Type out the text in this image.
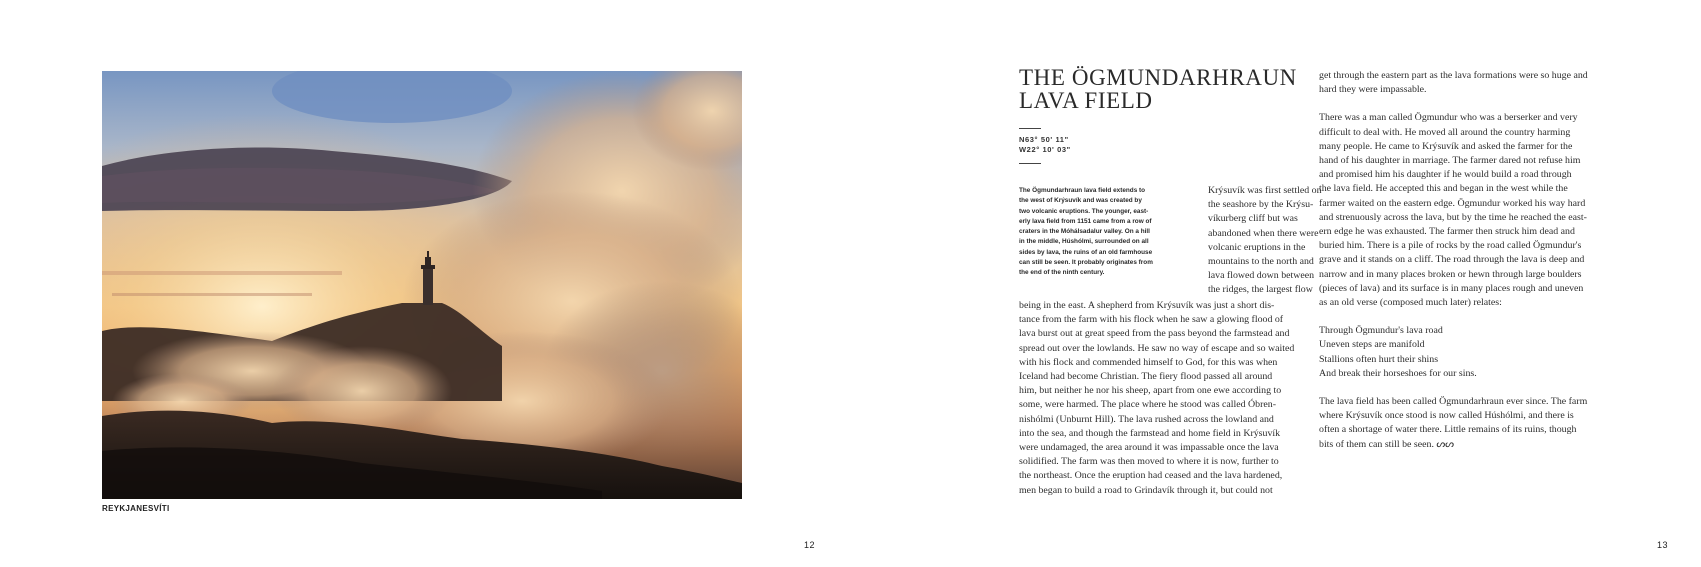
REYKJANESVÍTI
12
THE ÖGMUNDARHRAUN
LAVA FIELD
N63° 50' 11"
W22° 10' 03"
The Ögmundarhraun lava field extends to
the west of Krýsuvík and was created by
two volcanic eruptions. The younger, east-
erly lava field from 1151 came from a row of
craters in the Móhálsadalur valley. On a hill
in the middle, Húshólmi, surrounded on all
sides by lava, the ruins of an old farmhouse
can still be seen. It probably originates from
the end of the ninth century.
Krýsuvík was first settled on
the seashore by the Krýsu-
víkurberg cliff but was
abandoned when there were
volcanic eruptions in the
mountains to the north and
lava flowed down between
the ridges, the largest flow
being in the east. A shepherd from Krýsuvík was just a short dis-
tance from the farm with his flock when he saw a glowing flood of
lava burst out at great speed from the pass beyond the farmstead and
spread out over the lowlands. He saw no way of escape and so waited
with his flock and commended himself to God, for this was when
Iceland had become Christian. The fiery flood passed all around
him, but neither he nor his sheep, apart from one ewe according to
some, were harmed. The place where he stood was called Óbren-
nishólmi (Unburnt Hill). The lava rushed across the lowland and
into the sea, and though the farmstead and home field in Krýsuvík
were undamaged, the area around it was impassable once the lava
solidified. The farm was then moved to where it is now, further to
the northeast. Once the eruption had ceased and the lava hardened,
men began to build a road to Grindavík through it, but could not
get through the eastern part as the lava formations were so huge and
hard they were impassable.
There was a man called Ögmundur who was a berserker and very
difficult to deal with. He moved all around the country harming
many people. He came to Krýsuvík and asked the farmer for the
hand of his daughter in marriage. The farmer dared not refuse him
and promised him his daughter if he would build a road through
the lava field. He accepted this and began in the west while the
farmer waited on the eastern edge. Ögmundur worked his way hard
and strenuously across the lava, but by the time he reached the east-
ern edge he was exhausted. The farmer then struck him dead and
buried him. There is a pile of rocks by the road called Ögmundur's
grave and it stands on a cliff. The road through the lava is deep and
narrow and in many places broken or hewn through large boulders
(pieces of lava) and its surface is in many places rough and uneven
as an old verse (composed much later) relates:
Through Ögmundur's lava road
Uneven steps are manifold
Stallions often hurt their shins
And break their horseshoes for our sins.
The lava field has been called Ögmundarhraun ever since. The farm
where Krýsuvík once stood is now called Húshólmi, and there is
often a shortage of water there. Little remains of its ruins, though
bits of them can still be seen. ᔕᔕ
13
